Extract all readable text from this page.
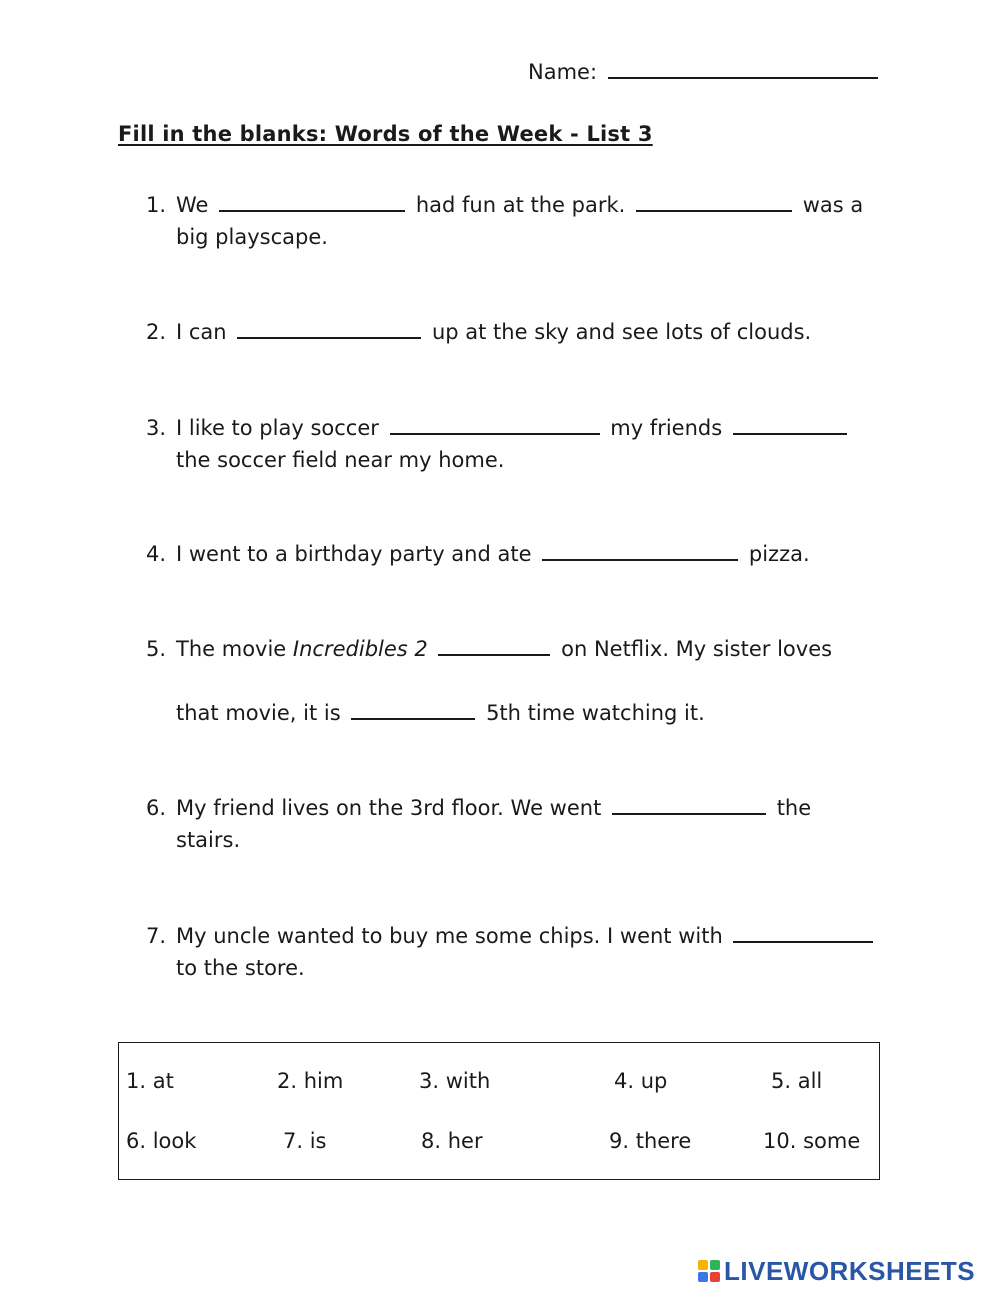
Name:
Fill in the blanks: Words of the Week - List 3
1. We	had fun at the park.	was a
big playscape.
2. I can	up at the sky and see lots of clouds.
3. I like to play soccer	my friends
the soccer field near my home.
4. I went to a birthday party and ate	pizza.
5. The movie Incredibles 2	on Netflix. My sister loves
that movie, it is	5th time watching it.
6. My friend lives on the 3rd floor. We went	the
stairs.
7. My uncle wanted to buy me some chips. I went with
to the store.
1. at	2. him	3. with	4. up	5. all
6. look	7. is	8. her	9. there	10. some
LIVEWORKSHEETS
